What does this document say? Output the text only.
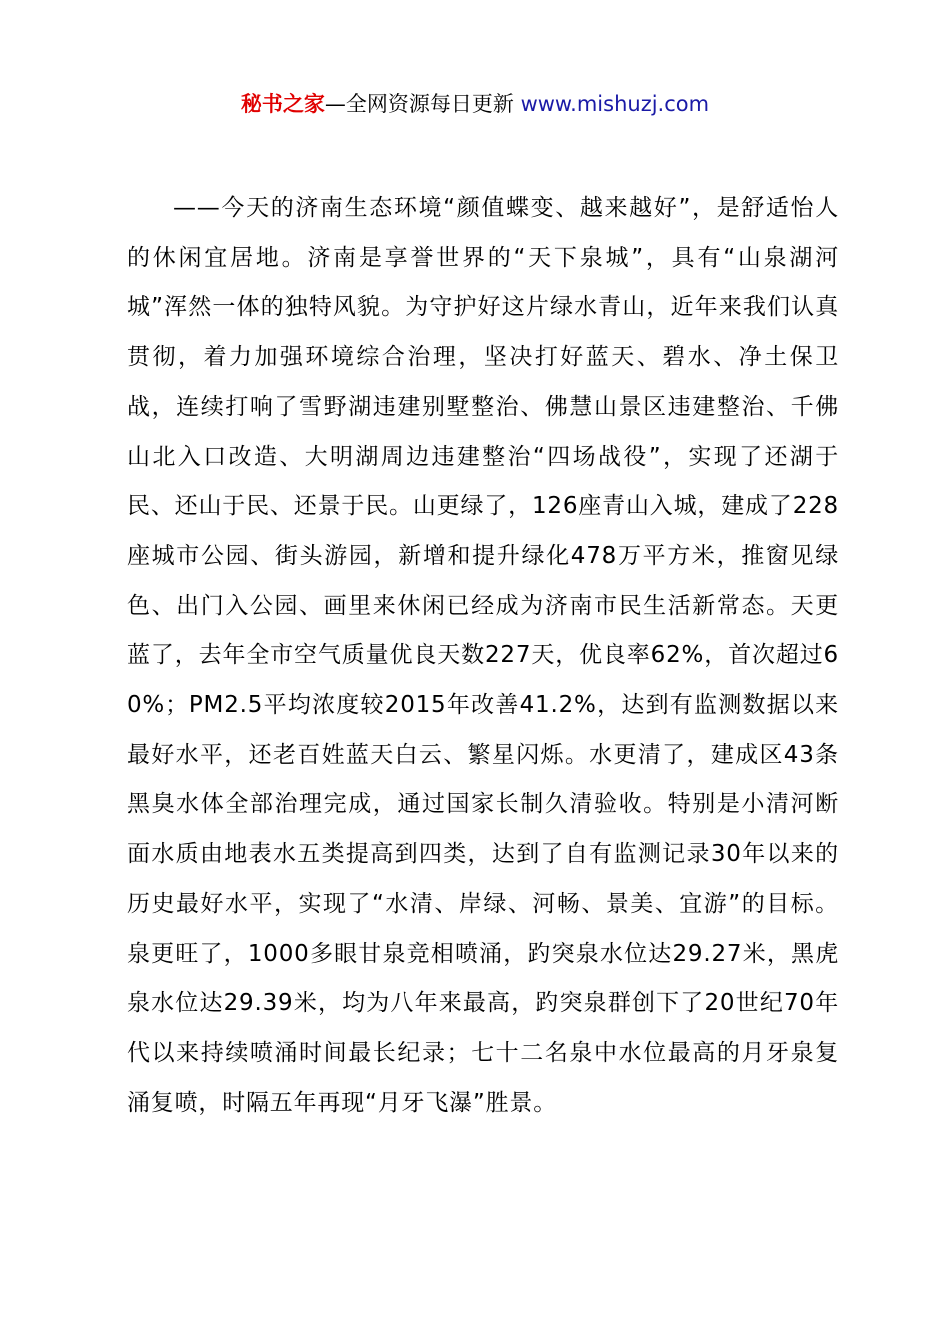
秘书之家—全网资源每日更新 www.mishuzj.com

——今天的济南生态环境“颜值蝶变、越来越好”，是舒适怡人的休闲宜居地。济南是享誉世界的“天下泉城”，具有“山泉湖河城”浑然一体的独特风貌。为守护好这片绿水青山，近年来我们认真贯彻，着力加强环境综合治理，坚决打好蓝天、碧水、净土保卫战，连续打响了雪野湖违建别墅整治、佛慧山景区违建整治、千佛山北入口改造、大明湖周边违建整治“四场战役”，实现了还湖于民、还山于民、还景于民。山更绿了，126座青山入城，建成了228座城市公园、街头游园，新增和提升绿化478万平方米，推窗见绿色、出门入公园、画里来休闲已经成为济南市民生活新常态。天更蓝了，去年全市空气质量优良天数227天，优良率62%，首次超过60%；PM2.5平均浓度较2015年改善41.2%，达到有监测数据以来最好水平，还老百姓蓝天白云、繁星闪烁。水更清了，建成区43条黑臭水体全部治理完成，通过国家长制久清验收。特别是小清河断面水质由地表水五类提高到四类，达到了自有监测记录30年以来的历史最好水平，实现了“水清、岸绿、河畅、景美、宜游”的目标。泉更旺了，1000多眼甘泉竞相喷涌，趵突泉水位达29.27米，黑虎泉水位达29.39米，均为八年来最高，趵突泉群创下了20世纪70年代以来持续喷涌时间最长纪录；七十二名泉中水位最高的月牙泉复涌复喷，时隔五年再现“月牙飞瀑”胜景。
